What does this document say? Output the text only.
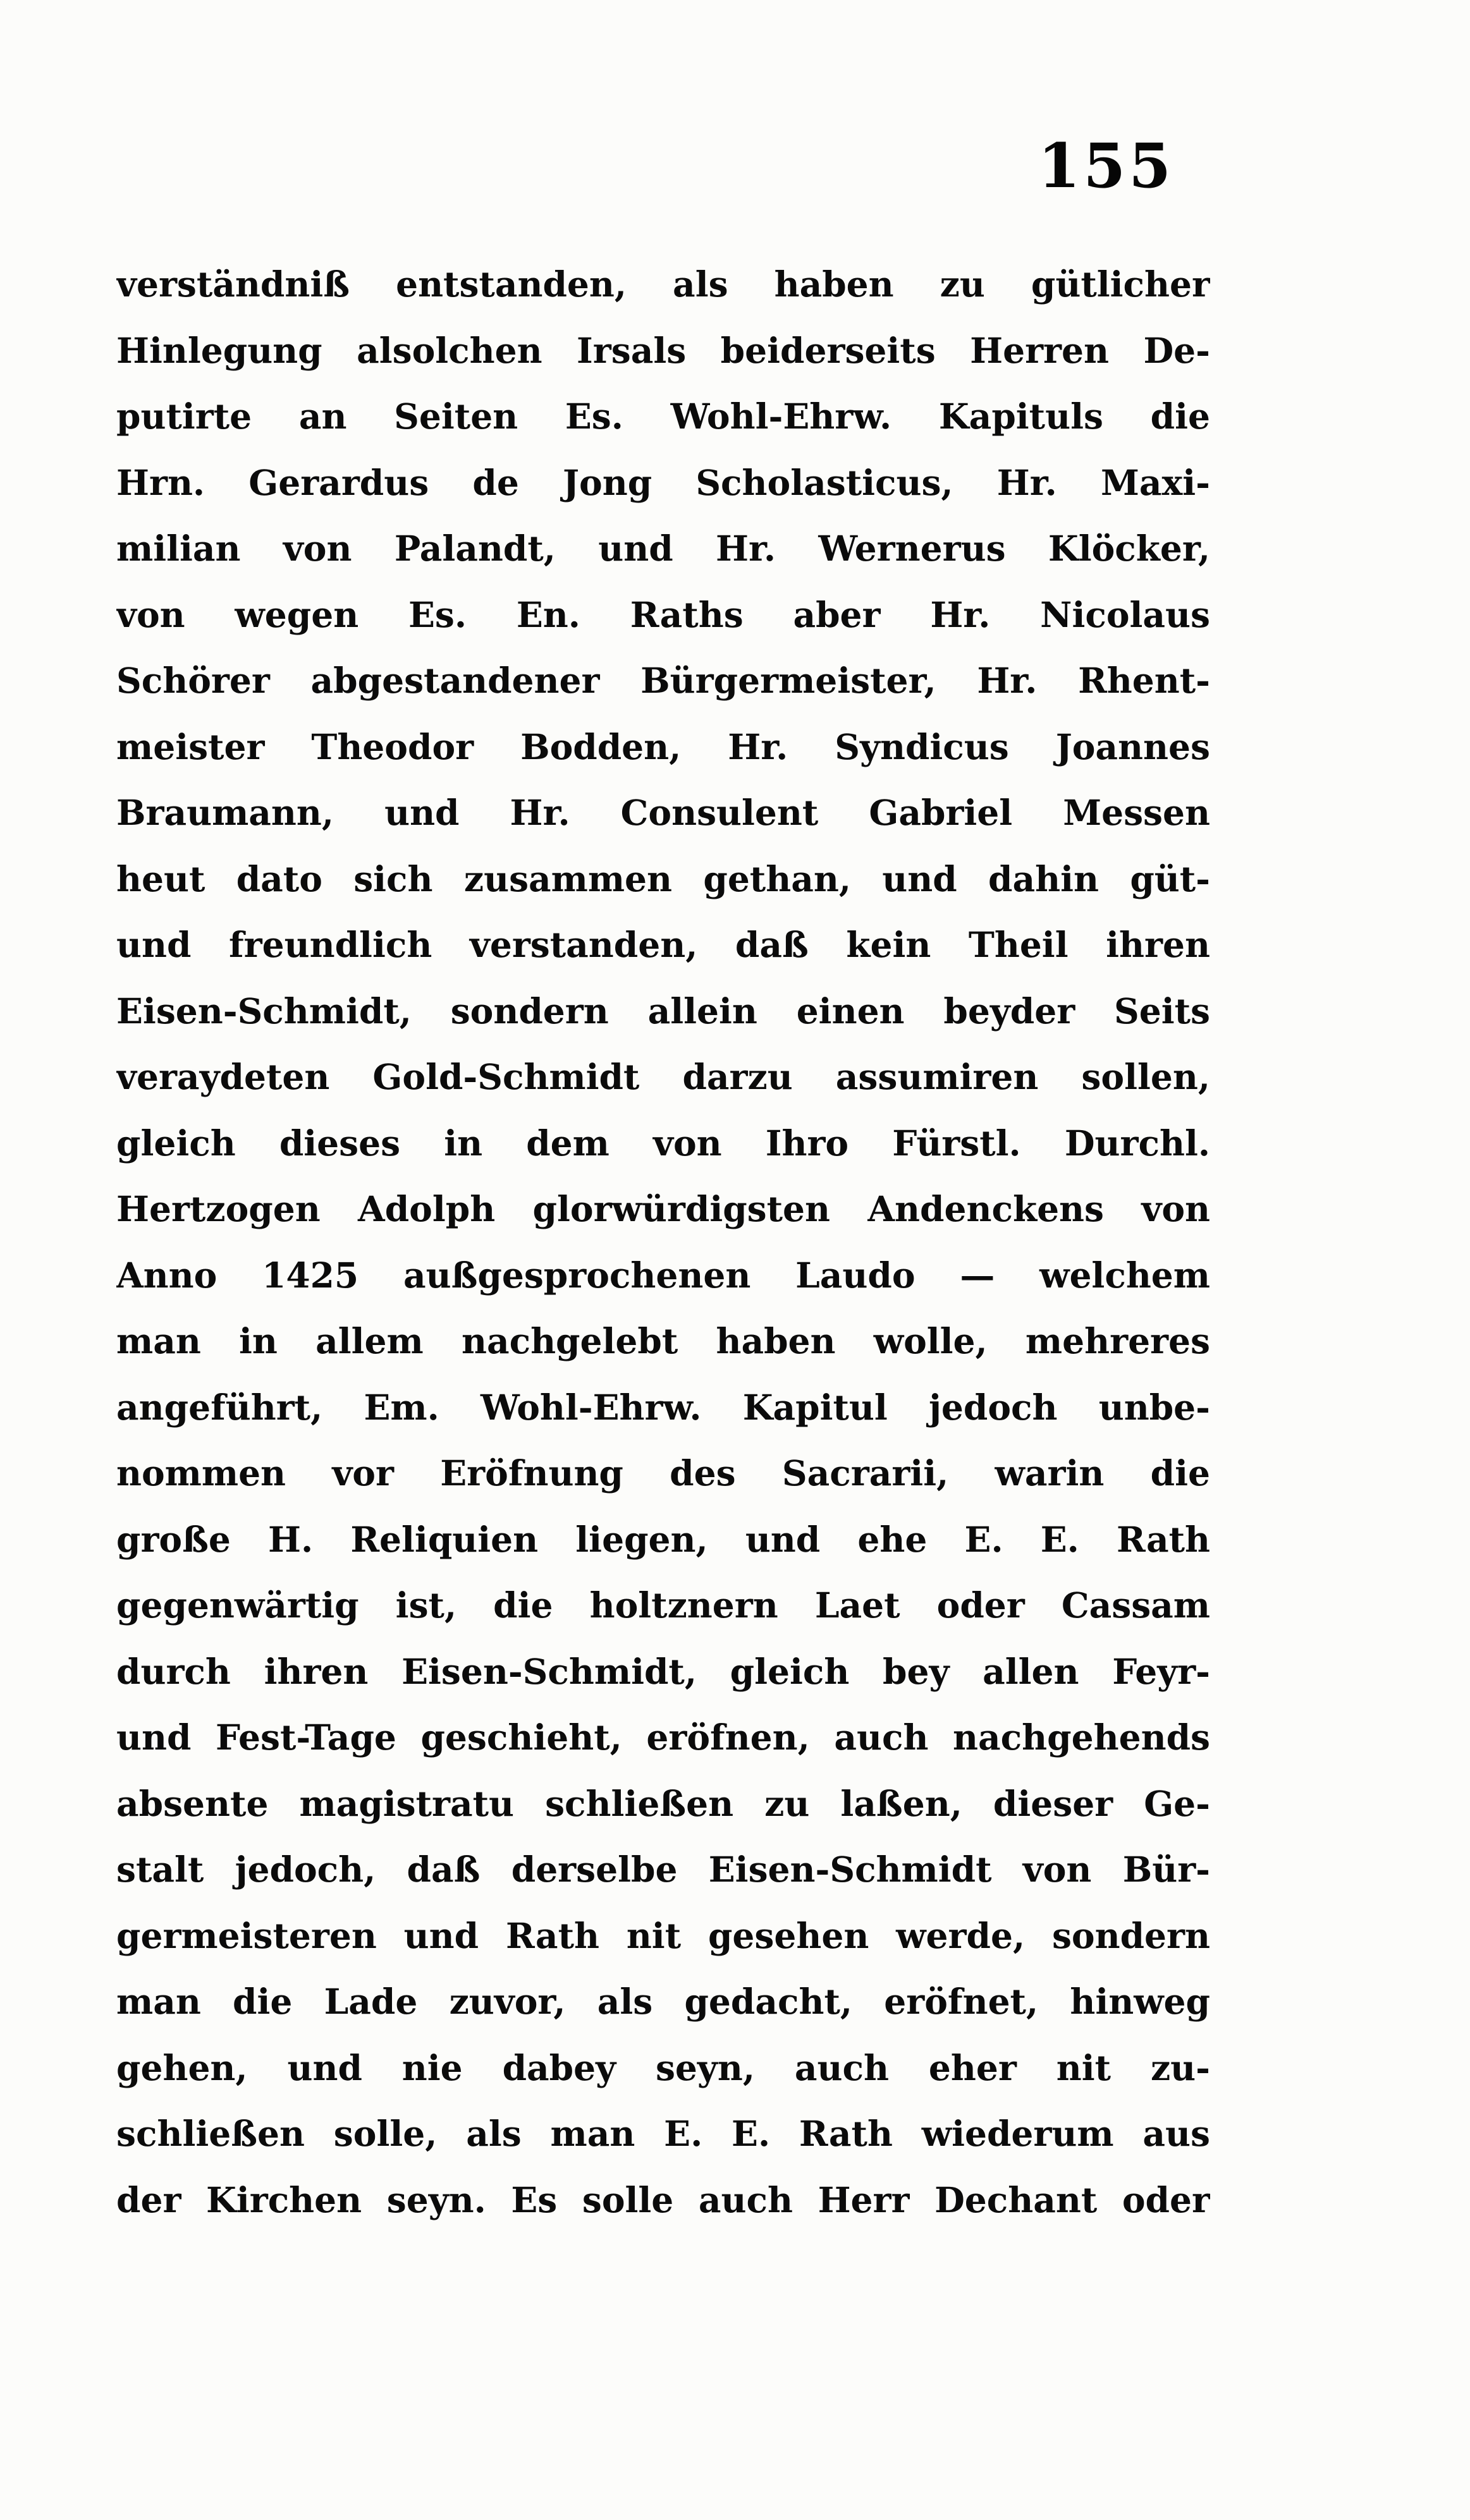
155
verständniß entstanden, als haben zu gütlicher
Hinlegung alsolchen Irsals beiderseits Herren De-
putirte an Seiten Es. Wohl-Ehrw. Kapituls die
Hrn. Gerardus de Jong Scholasticus, Hr. Maxi-
milian von Palandt, und Hr. Wernerus Klöcker,
von wegen Es. En. Raths aber Hr. Nicolaus
Schörer abgestandener Bürgermeister, Hr. Rhent-
meister Theodor Bodden, Hr. Syndicus Joannes
Braumann, und Hr. Consulent Gabriel Messen
heut dato sich zusammen gethan, und dahin güt-
und freundlich verstanden, daß kein Theil ihren
Eisen-Schmidt, sondern allein einen beyder Seits
veraydeten Gold-Schmidt darzu assumiren sollen,
gleich dieses in dem von Ihro Fürstl. Durchl.
Hertzogen Adolph glorwürdigsten Andenckens von
Anno 1425 außgesprochenen Laudo — welchem
man in allem nachgelebt haben wolle, mehreres
angeführt, Em. Wohl-Ehrw. Kapitul jedoch unbe-
nommen vor Eröfnung des Sacrarii, warin die
große H. Reliquien liegen, und ehe E. E. Rath
gegenwärtig ist, die holtznern Laet oder Cassam
durch ihren Eisen-Schmidt, gleich bey allen Feyr-
und Fest-Tage geschieht, eröfnen, auch nachgehends
absente magistratu schließen zu laßen, dieser Ge-
stalt jedoch, daß derselbe Eisen-Schmidt von Bür-
germeisteren und Rath nit gesehen werde, sondern
man die Lade zuvor, als gedacht, eröfnet, hinweg
gehen, und nie dabey seyn, auch eher nit zu-
schließen solle, als man E. E. Rath wiederum aus
der Kirchen seyn. Es solle auch Herr Dechant oder
